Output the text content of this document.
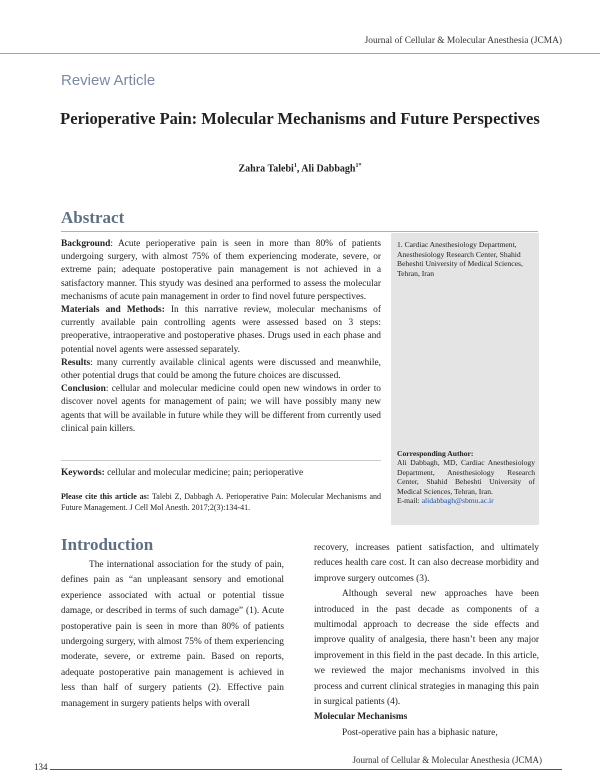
Journal of Cellular & Molecular Anesthesia (JCMA)
Review Article
Perioperative Pain: Molecular Mechanisms and Future Perspectives
Zahra Talebi$^1$, Ali Dabbagh$^{1*}$
Abstract

Background: Acute perioperative pain is seen in more than 80% of patients undergoing surgery, with almost 75% of them experiencing moderate, severe, or extreme pain; adequate postoperative pain management is not achieved in a satisfactory manner. This styudy was desined ana performed to assess the molecular mechanisms of acute pain management in order to find novel future perspectives.

Materials and Methods: In this narrative review, molecular mechanisms of currently available pain controlling agents were assessed based on 3 steps: preoperative, intraoperative and postoperative phases. Drugs used in each phase and potential novel agents were assessed separately.

Results: many currently available clinical agents were discussed and meanwhile, other potential drugs that could be among the future choices are discussed.

Conclusion: cellular and molecular medicine could open new windows in order to discover novel agents for management of pain; we will have possibly many new agents that will be available in future while they will be different from currently used clinical pain killers.

Keywords: cellular and molecular medicine; pain; perioperative
Please cite this article as: Talebi Z, Dabbagh A. Perioperative Pain: Molecular Mechanisms and Future Management. J Cell Mol Anesth. 2017;2(3):134-41.
1. Cardiac Anesthesiology Department, Anesthesiology Research Center, Shahid Beheshti University of Medical Sciences, Tehran, Iran
Corresponding Author:
Ali Dabbagh, MD, Cardiac Anesthesiology Department, Anesthesiology Research Center, Shahid Beheshti University of Medical Sciences, Tehran, Iran.
E-mail: alidabbagh@sbmu.ac.ir
Introduction

The international association for the study of pain, defines pain as “an unpleasant sensory and emotional experience associated with actual or potential tissue damage, or described in terms of such damage” (1). Acute postoperative pain is seen in more than 80% of patients undergoing surgery, with almost 75% of them experiencing moderate, severe, or extreme pain. Based on reports, adequate postoperative pain management is achieved in less than half of surgery patients (2). Effective pain management in surgery patients helps with overall

recovery, increases patient satisfaction, and ultimately reduces health care cost. It can also decrease morbidity and improve surgery outcomes (3).

Although several new approaches have been introduced in the past decade as components of a multimodal approach to decrease the side effects and improve quality of analgesia, there hasn’t been any major improvement in this field in the past decade. In this article, we reviewed the major mechanisms involved in this process and current clinical strategies in managing this pain in surgical patients (4).

Molecular Mechanisms

Post-operative pain has a biphasic nature,

Journal of Cellular & Molecular Anesthesia (JCMA)
134
